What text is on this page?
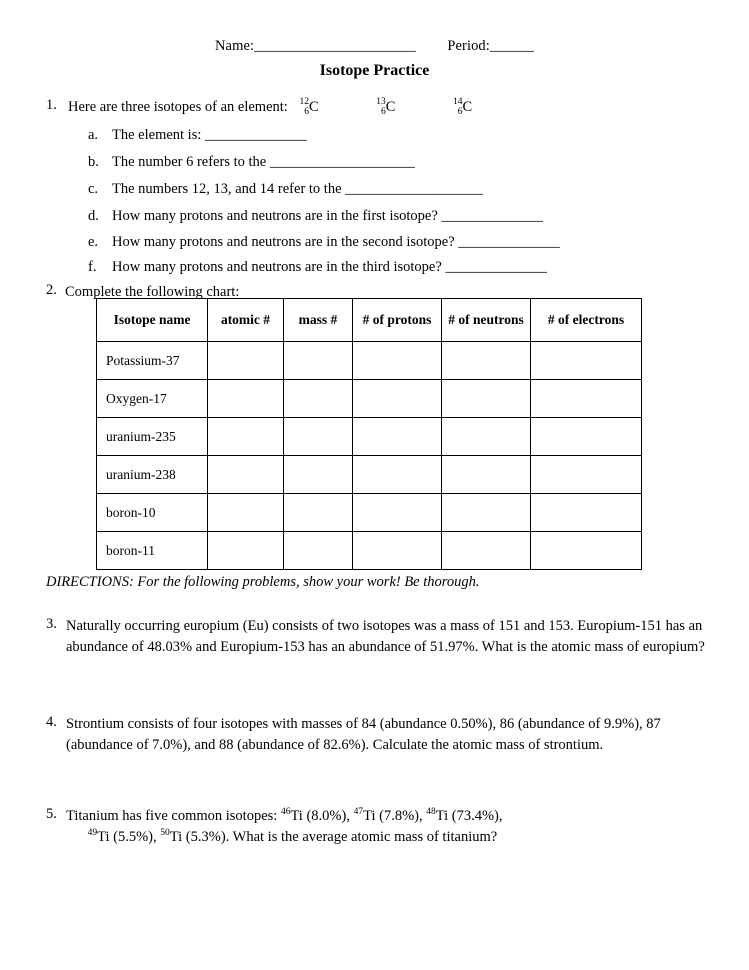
Name:______________________ Period:______
Isotope Practice
1. Here are three isotopes of an element: 12
6 C	13
6 C	14
6 C
a. The element is: ______________
b. The number 6 refers to the ____________________
c. The numbers 12, 13, and 14 refer to the ___________________
d. How many protons and neutrons are in the first isotope? ______________
e. How many protons and neutrons are in the second isotope? ______________
f. How many protons and neutrons are in the third isotope? ______________
2. Complete the following chart:
Isotope name	atomic #	mass #	# of protons	# of neutrons	# of electrons
Potassium-37					
Oxygen-17					
uranium-235					
uranium-238					
boron-10					
boron-11					
DIRECTIONS: For the following problems, show your work! Be thorough.
3. Naturally occurring europium (Eu) consists of two isotopes was a mass of 151 and 153. Europium-151 has an abundance of 48.03% and Europium-153 has an abundance of 51.97%. What is the atomic mass of europium?
4. Strontium consists of four isotopes with masses of 84 (abundance 0.50%), 86 (abundance of 9.9%), 87 (abundance of 7.0%), and 88 (abundance of 82.6%). Calculate the atomic mass of strontium.
5. Titanium has five common isotopes: $^{46}$Ti (8.0%), $^{47}$Ti (7.8%), $^{48}$Ti (73.4%),
$^{49}$Ti (5.5%), $^{50}$Ti (5.3%). What is the average atomic mass of titanium?
